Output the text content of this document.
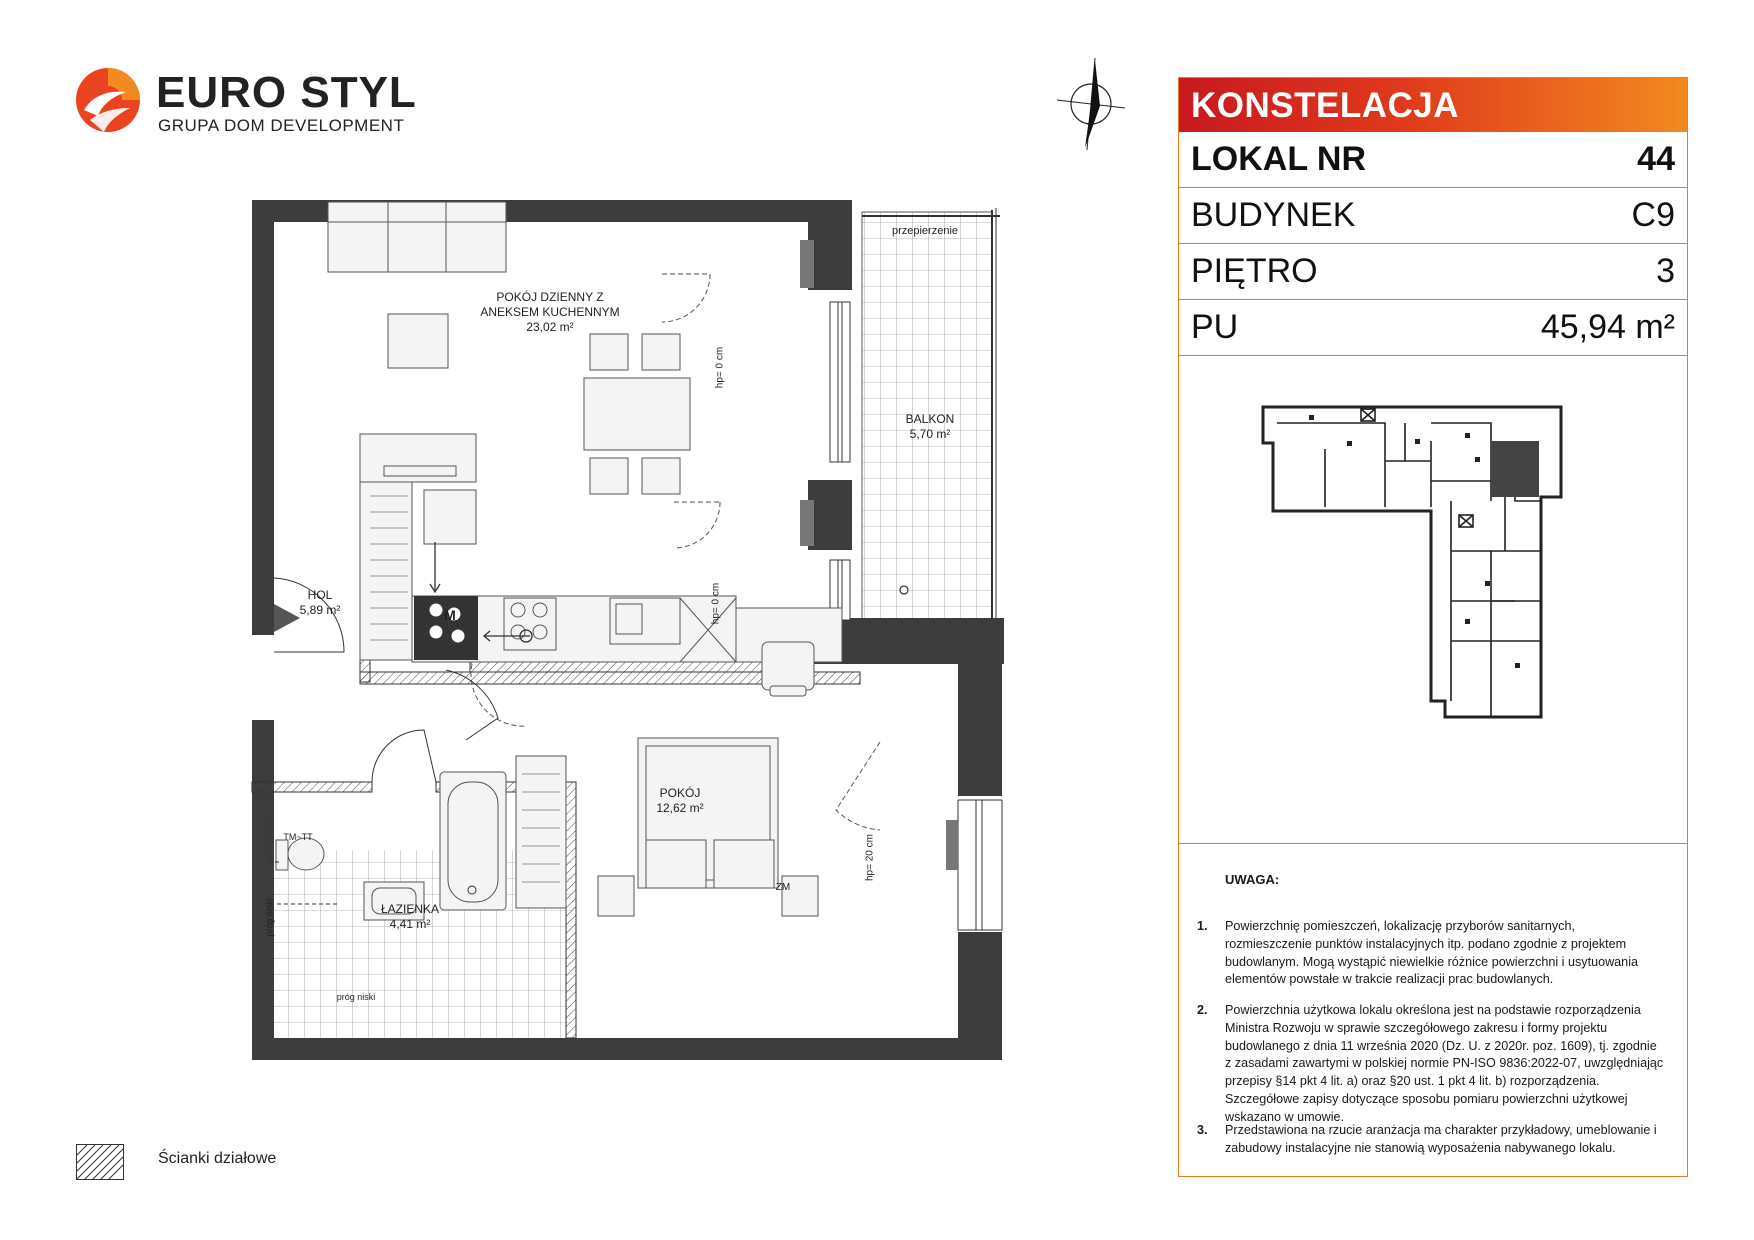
EURO STYL
GRUPA DOM DEVELOPMENT
KONSTELACJA
LOKAL NR	44
BUDYNEK	C9
PIĘTRO	3
PU	45,94 m²
UWAGA:
1. Powierzchnię pomieszczeń, lokalizację przyborów sanitarnych, rozmieszczenie punktów instalacyjnych itp. podano zgodnie z projektem budowlanym. Mogą wystąpić niewielkie różnice powierzchni i usytuowania elementów powstałe w trakcie realizacji prac budowlanych.
2. Powierzchnia użytkowa lokalu określona jest na podstawie rozporządzenia Ministra Rozwoju w sprawie szczegółowego zakresu i formy projektu budowlanego z dnia 11 września 2020 (Dz. U. z 2020r. poz. 1609), tj. zgodnie z zasadami zawartymi w polskiej normie PN-ISO 9836:2022-07, uwzględniając przepisy §14 pkt 4 lit. a) oraz §20 ust. 1 pkt 4 lit. b) rozporządzenia. Szczegółowe zapisy dotyczące sposobu pomiaru powierzchni użytkowej wskazano w umowie.
3. Przedstawiona na rzucie aranżacja ma charakter przykładowy, umeblowanie i zabudowy instalacyjne nie stanowią wyposażenia nabywanego lokalu.
POKÓJ DZIENNY Z
ANEKSEM KUCHENNYM
23,02 m²
BALKON
5,70 m²
HOL
5,89 m²
POKÓJ
12,62 m²
ŁAZIENKA
4,41 m²
przepierzenie
ZM
M
TM~TT
próg niski
próg niski
hp= 0 cm
hp= 0 cm
hp= 20 cm
Ścianki działowe
